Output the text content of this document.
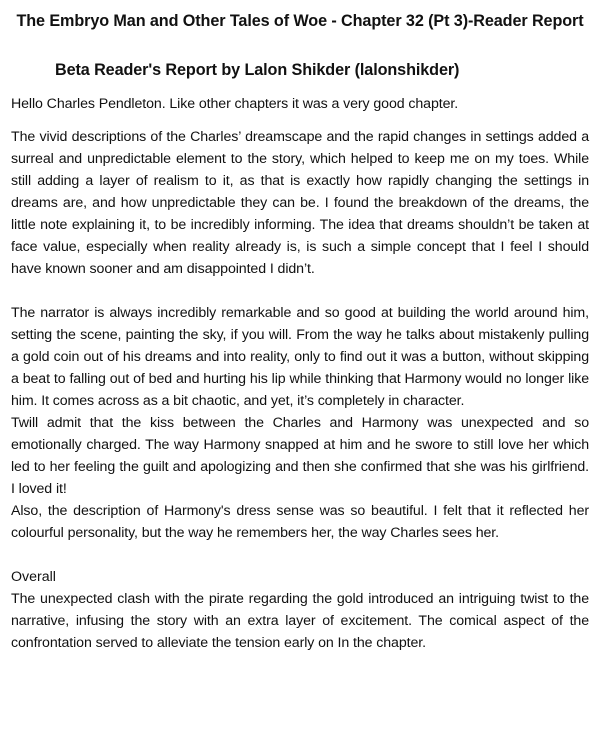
The Embryo Man and Other Tales of Woe - Chapter 32 (Pt 3)-Reader Report
Beta Reader's Report by Lalon Shikder (lalonshikder)

Hello Charles Pendleton. Like other chapters it was a very good chapter.

The vivid descriptions of the Charles’ dreamscape and the rapid changes in settings added a surreal and unpredictable element to the story, which helped to keep me on my toes. While still adding a layer of realism to it, as that is exactly how rapidly changing the settings in dreams are, and how unpredictable they can be. I found the breakdown of the dreams, the little note explaining it, to be incredibly informing. The idea that dreams shouldn’t be taken at face value, especially when reality already is, is such a simple concept that I feel I should have known sooner and am disappointed I didn’t.

The narrator is always incredibly remarkable and so good at building the world around him, setting the scene, painting the sky, if you will. From the way he talks about mistakenly pulling a gold coin out of his dreams and into reality, only to find out it was a button, without skipping a beat to falling out of bed and hurting his lip while thinking that Harmony would no longer like him. It comes across as a bit chaotic, and yet, it’s completely in character.

Twill admit that the kiss between the Charles and Harmony was unexpected and so emotionally charged. The way Harmony snapped at him and he swore to still love her which led to her feeling the guilt and apologizing and then she confirmed that she was his girlfriend. I loved it!

Also, the description of Harmony's dress sense was so beautiful. I felt that it reflected her colourful personality, but the way he remembers her, the way Charles sees her.

Overall

The unexpected clash with the pirate regarding the gold introduced an intriguing twist to the narrative, infusing the story with an extra layer of excitement. The comical aspect of the confrontation served to alleviate the tension early on In the chapter.
